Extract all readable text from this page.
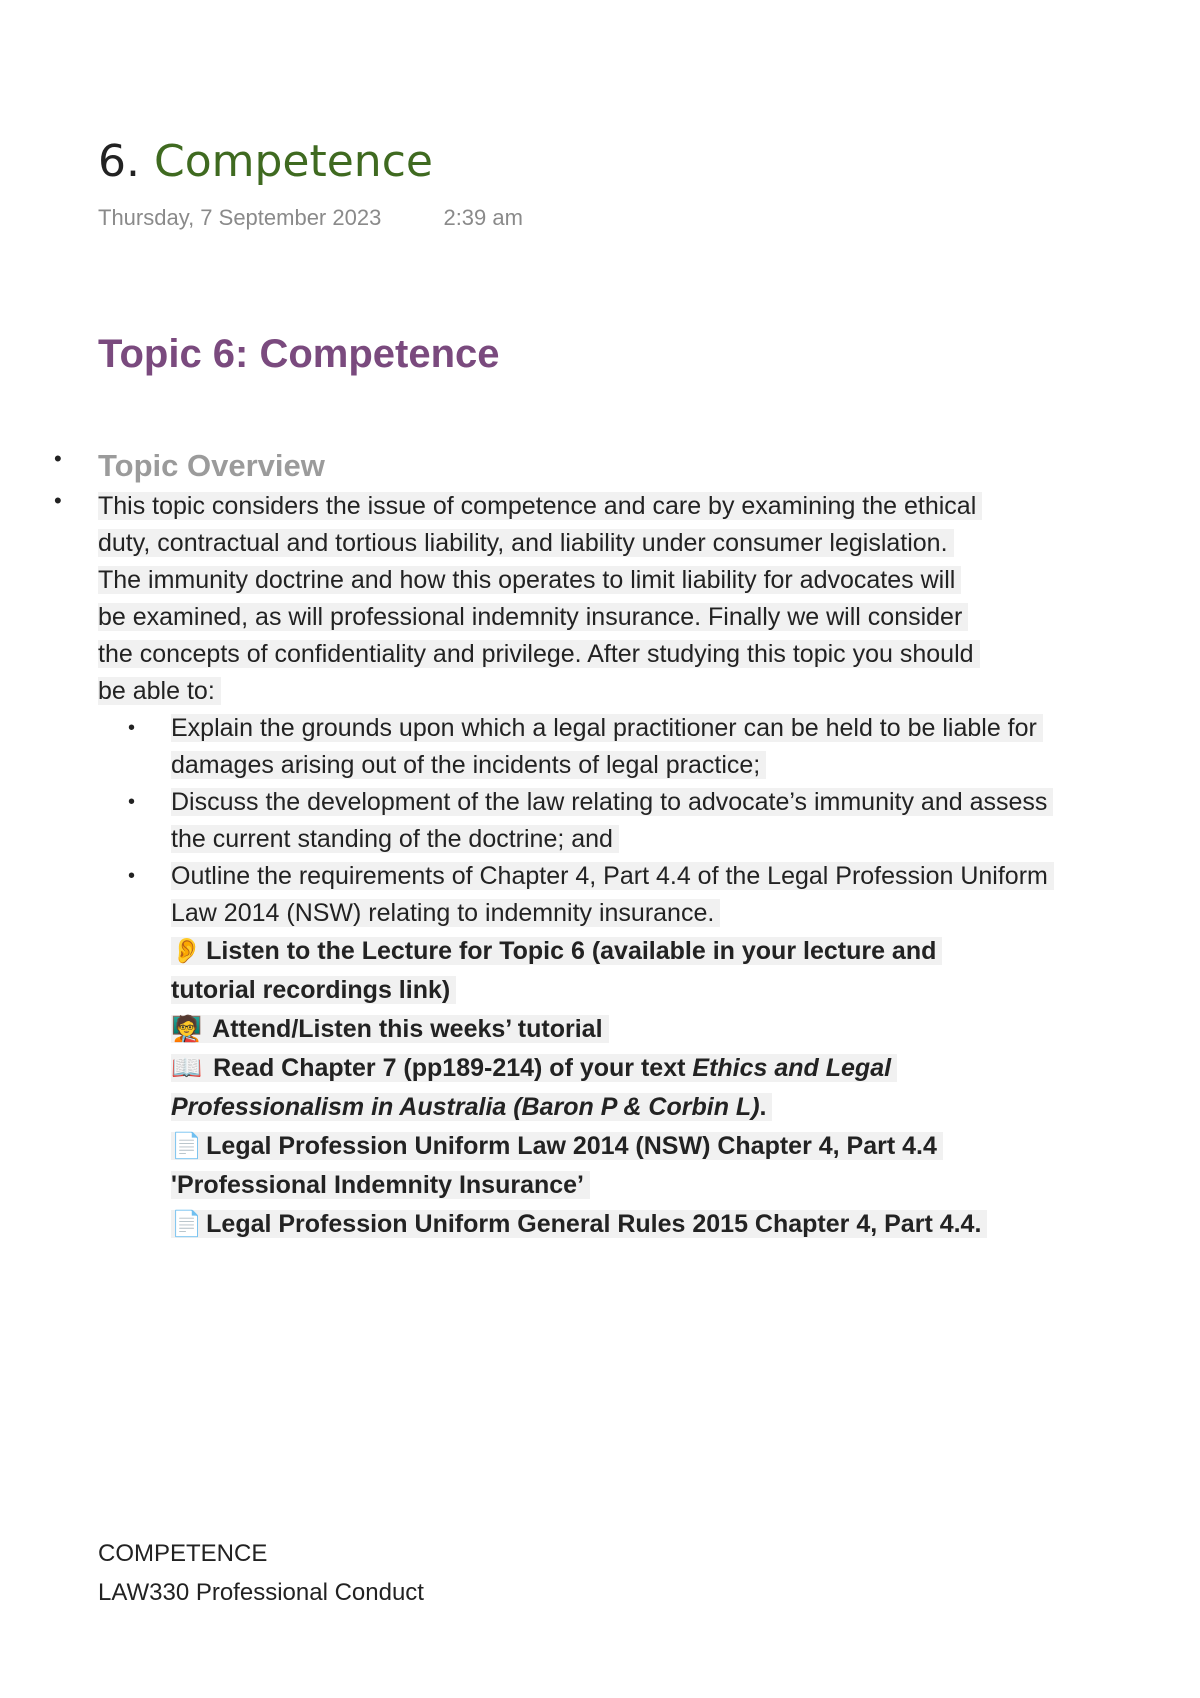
6. Competence
Thursday, 7 September 2023	2:39 am
Topic 6: Competence
• Topic Overview
• This topic considers the issue of competence and care by examining the ethical duty, contractual and tortious liability, and liability under consumer legislation. The immunity doctrine and how this operates to limit liability for advocates will be examined, as will professional indemnity insurance. Finally we will consider the concepts of confidentiality and privilege. After studying this topic you should be able to:
• Explain the grounds upon which a legal practitioner can be held to be liable for damages arising out of the incidents of legal practice;
• Discuss the development of the law relating to advocate’s immunity and assess the current standing of the doctrine; and
• Outline the requirements of Chapter 4, Part 4.4 of the Legal Profession Uniform Law 2014 (NSW) relating to indemnity insurance.
👂 Listen to the Lecture for Topic 6 (available in your lecture and tutorial recordings link)
🧑‍🏫 Attend/Listen this weeks’ tutorial
📖 Read Chapter 7 (pp189-214) of your text Ethics and Legal Professionalism in Australia (Baron P & Corbin L).
📄 Legal Profession Uniform Law 2014 (NSW) Chapter 4, Part 4.4 'Professional Indemnity Insurance’
📄 Legal Profession Uniform General Rules 2015 Chapter 4, Part 4.4.
COMPETENCE
LAW330 Professional Conduct
